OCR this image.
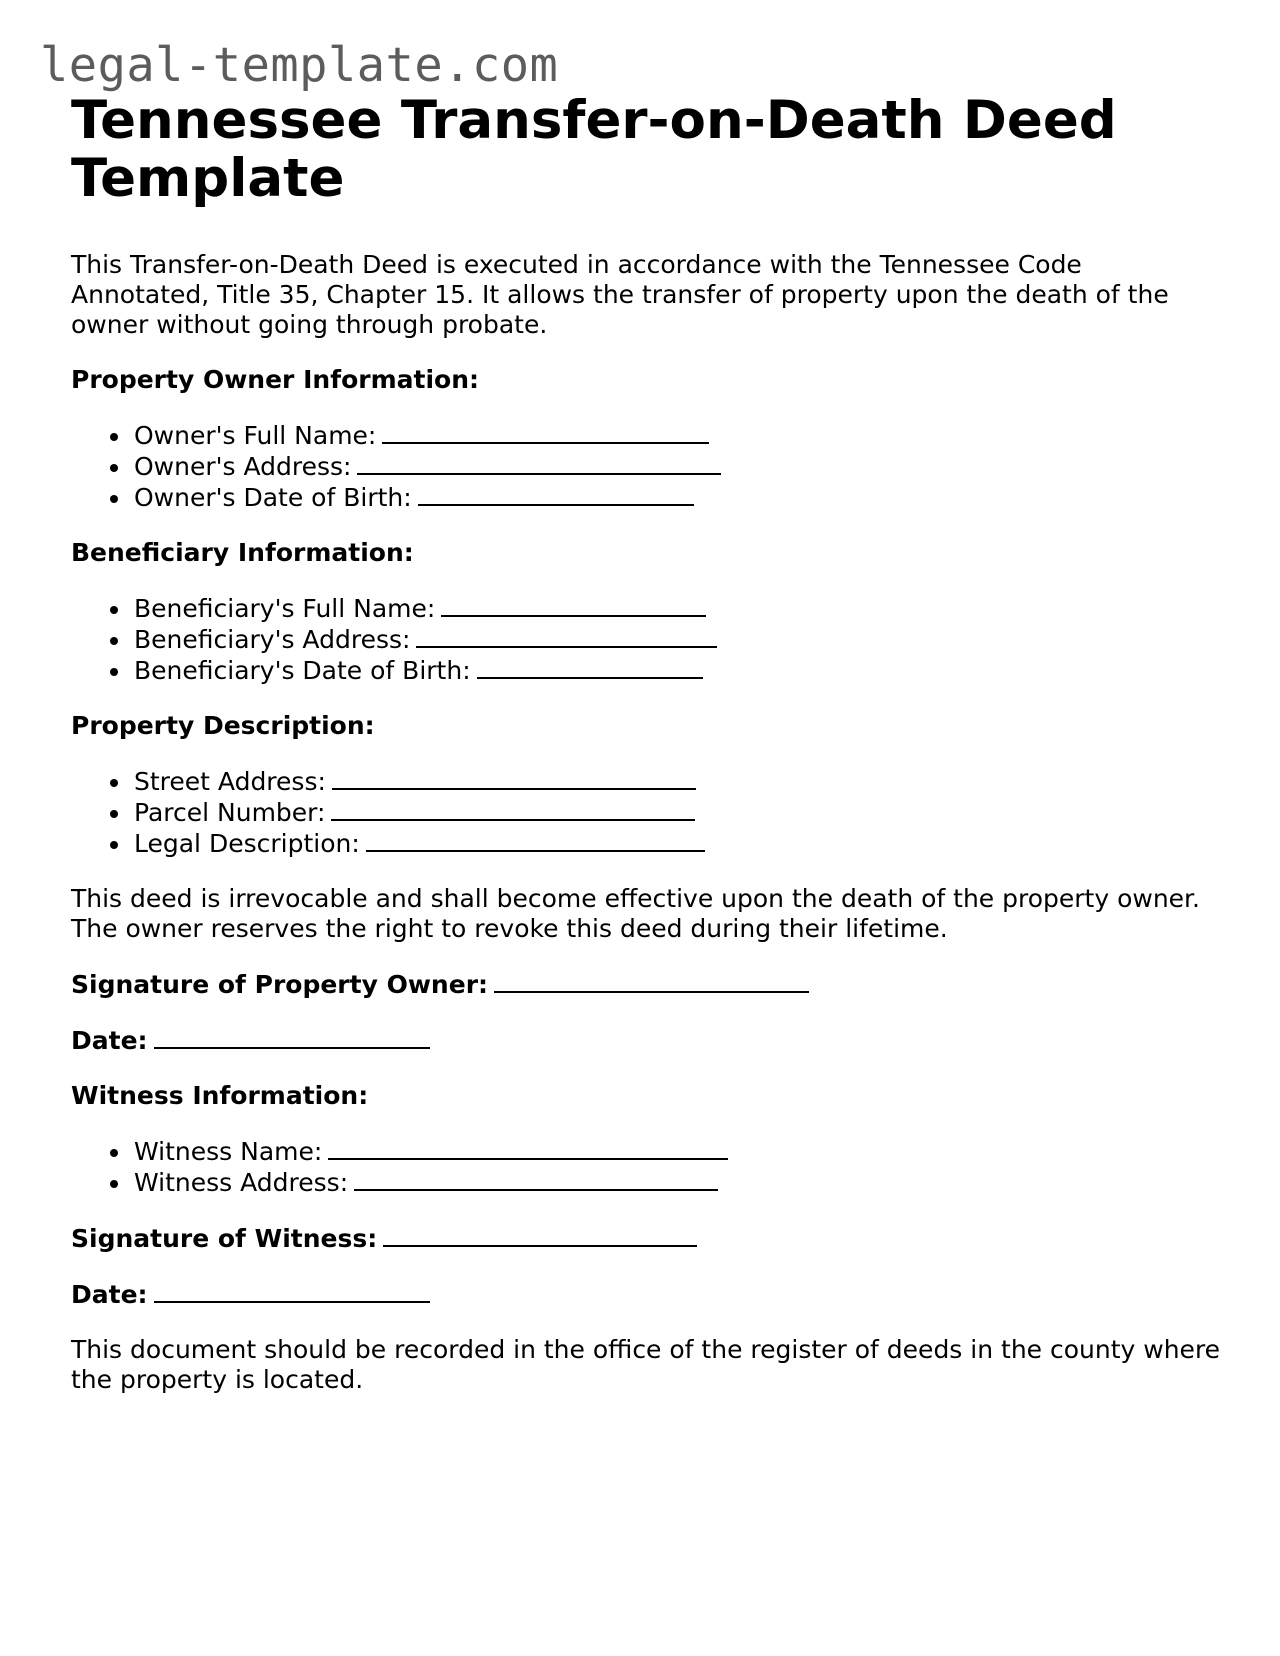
legal-template.com
Tennessee Transfer-on-Death Deed Template

This Transfer-on-Death Deed is executed in accordance with the Tennessee Code Annotated, Title 35, Chapter 15. It allows the transfer of property upon the death of the owner without going through probate.

Property Owner Information:

• Owner's Full Name:
• Owner's Address:
• Owner's Date of Birth:

Beneficiary Information:

• Beneficiary's Full Name:
• Beneficiary's Address:
• Beneficiary's Date of Birth:

Property Description:

• Street Address:
• Parcel Number:
• Legal Description:

This deed is irrevocable and shall become effective upon the death of the property owner. The owner reserves the right to revoke this deed during their lifetime.

Signature of Property Owner:

Date:

Witness Information:

• Witness Name:
• Witness Address:

Signature of Witness:

Date:

This document should be recorded in the office of the register of deeds in the county where the property is located.
